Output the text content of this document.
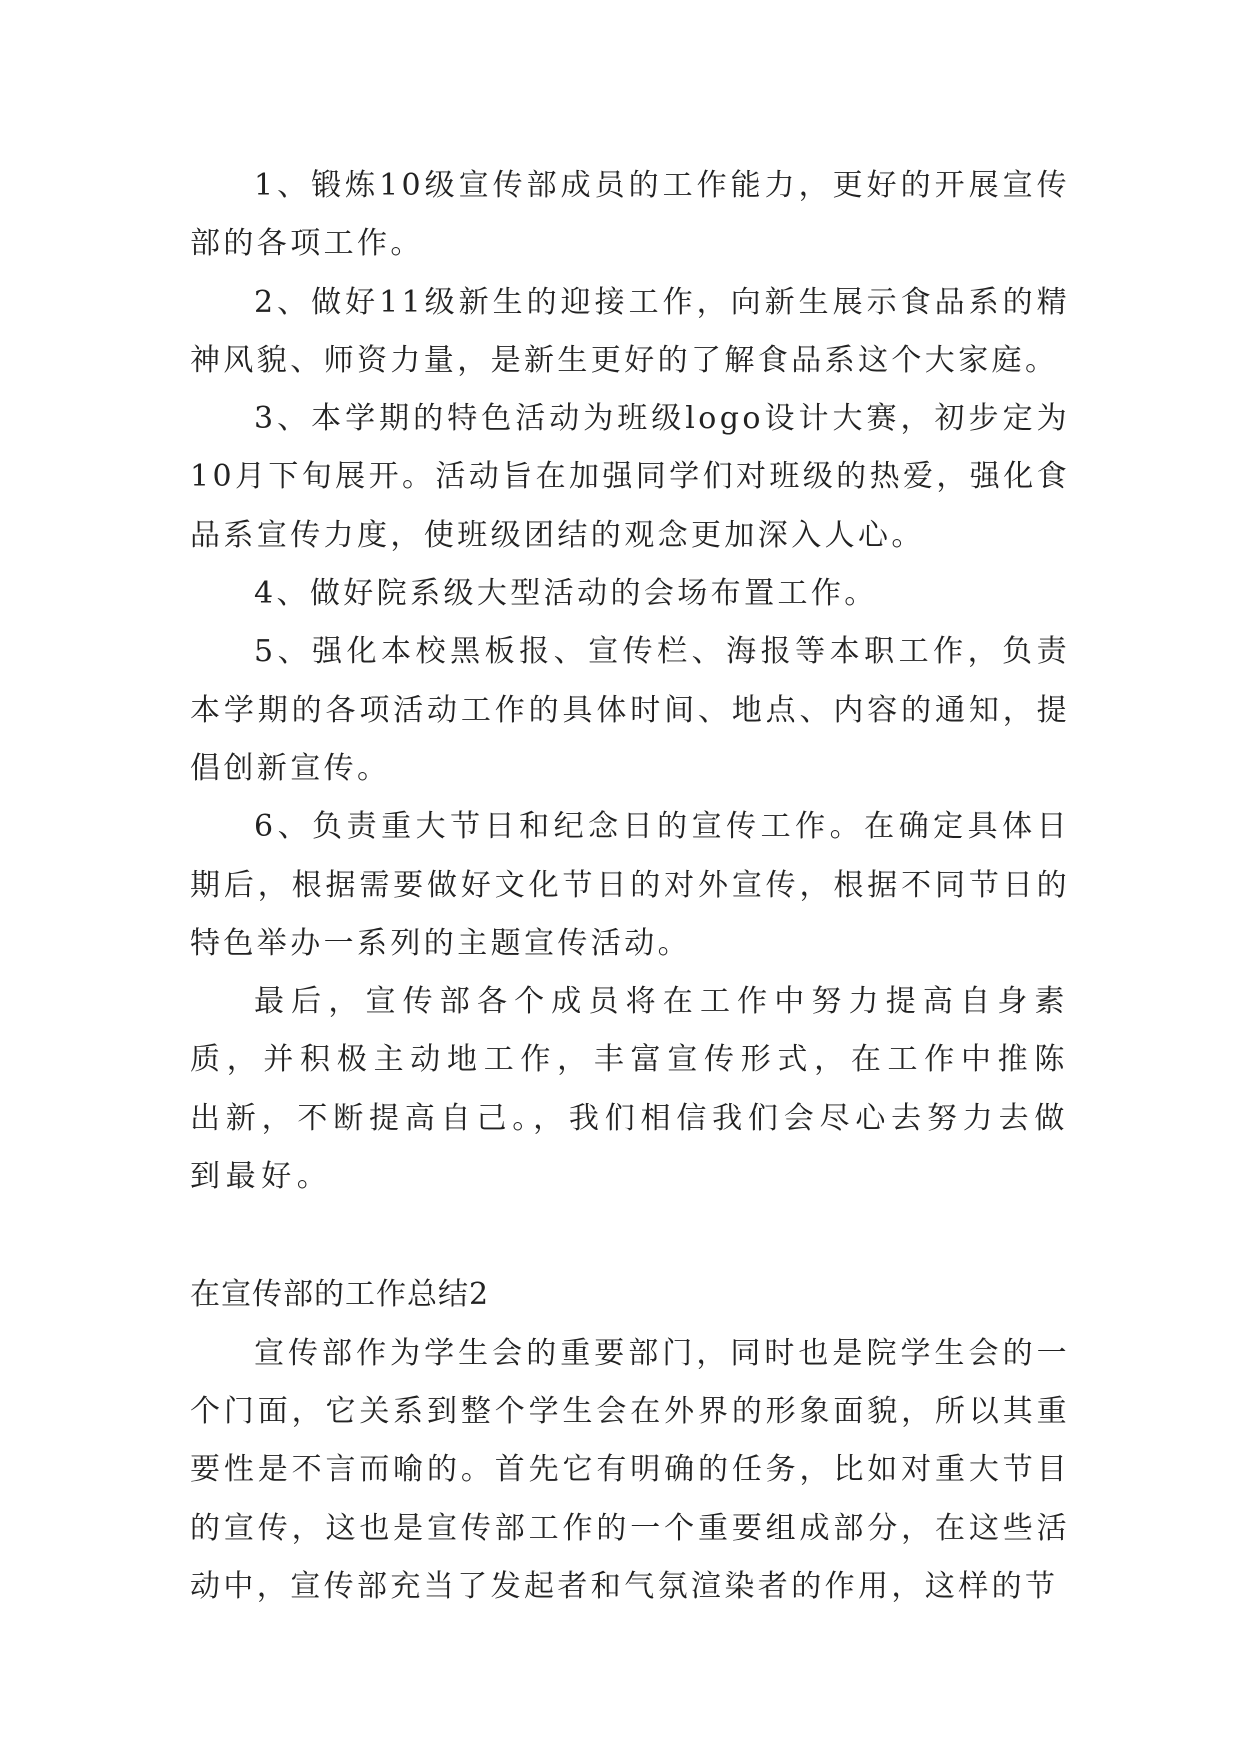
1、锻炼10级宣传部成员的工作能力，更好的开展宣传部的各项工作。

2、做好11级新生的迎接工作，向新生展示食品系的精神风貌、师资力量，是新生更好的了解食品系这个大家庭。

3、本学期的特色活动为班级logo设计大赛，初步定为10月下旬展开。活动旨在加强同学们对班级的热爱，强化食品系宣传力度，使班级团结的观念更加深入人心。

4、做好院系级大型活动的会场布置工作。

5、强化本校黑板报、宣传栏、海报等本职工作，负责本学期的各项活动工作的具体时间、地点、内容的通知，提倡创新宣传。

6、负责重大节日和纪念日的宣传工作。在确定具体日期后，根据需要做好文化节日的对外宣传，根据不同节日的特色举办一系列的主题宣传活动。

最后，宣传部各个成员将在工作中努力提高自身素质，并积极主动地工作，丰富宣传形式，在工作中推陈出新，不断提高自己。，我们相信我们会尽心去努力去做到最好。

在宣传部的工作总结2

宣传部作为学生会的重要部门，同时也是院学生会的一个门面，它关系到整个学生会在外界的形象面貌，所以其重要性是不言而喻的。首先它有明确的任务，比如对重大节目的宣传，这也是宣传部工作的一个重要组成部分，在这些活动中，宣传部充当了发起者和气氛渲染者的作用，这样的节
